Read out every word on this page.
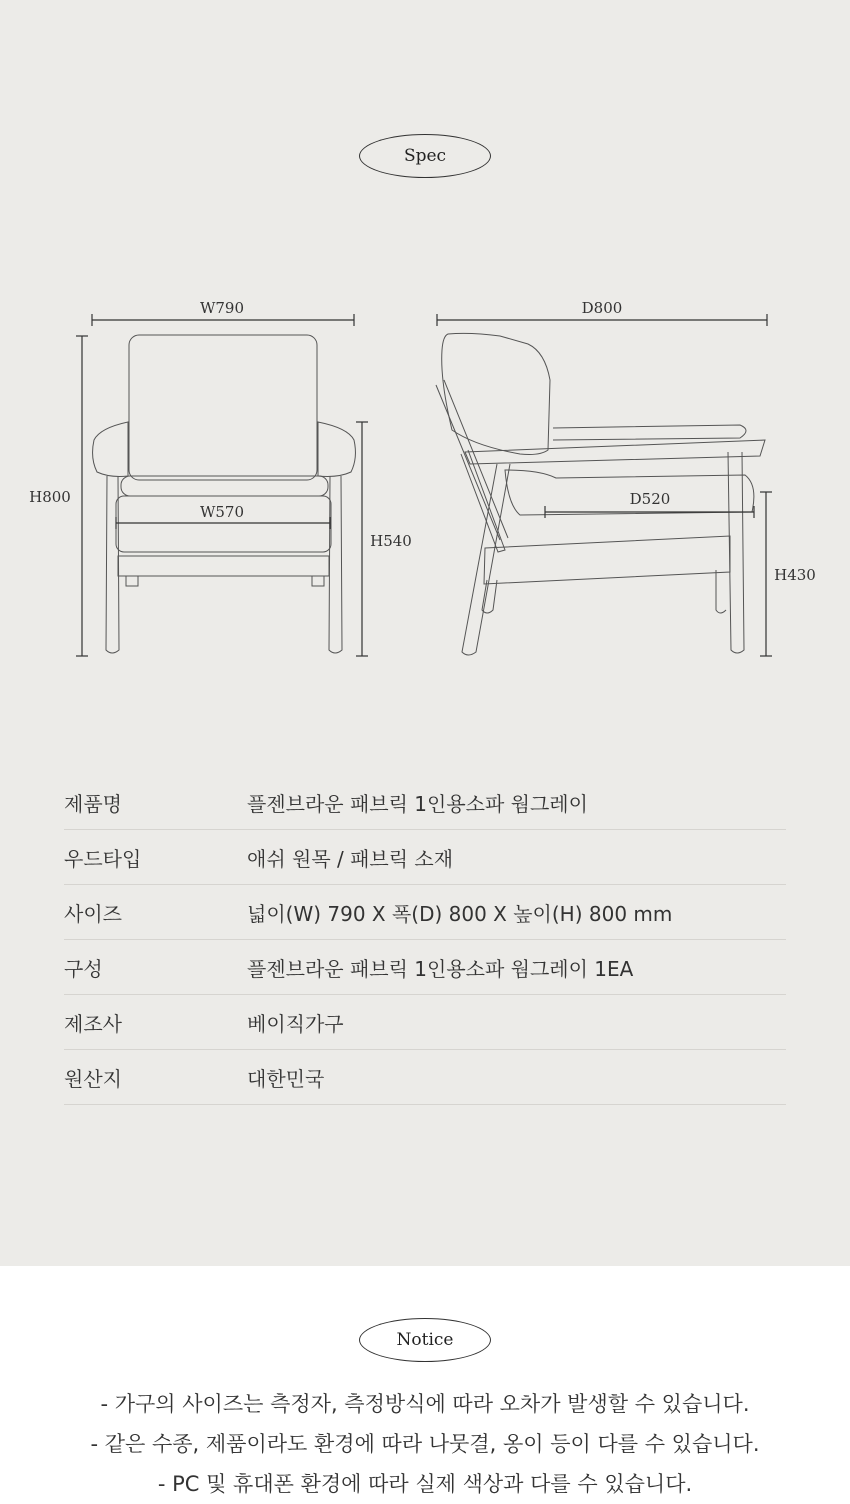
Spec
W790
H800
W570
H540
D800
D520
H430
제품명	플젠브라운 패브릭 1인용소파 웜그레이
우드타입	애쉬 원목 / 패브릭 소재
사이즈	넓이(W) 790 X 폭(D) 800 X 높이(H) 800 mm
구성	플젠브라운 패브릭 1인용소파 웜그레이 1EA
제조사	베이직가구
원산지	대한민국
Notice
- 가구의 사이즈는 측정자, 측정방식에 따라 오차가 발생할 수 있습니다.
- 같은 수종, 제품이라도 환경에 따라 나뭇결, 옹이 등이 다를 수 있습니다.
- PC 및 휴대폰 환경에 따라 실제 색상과 다를 수 있습니다.
